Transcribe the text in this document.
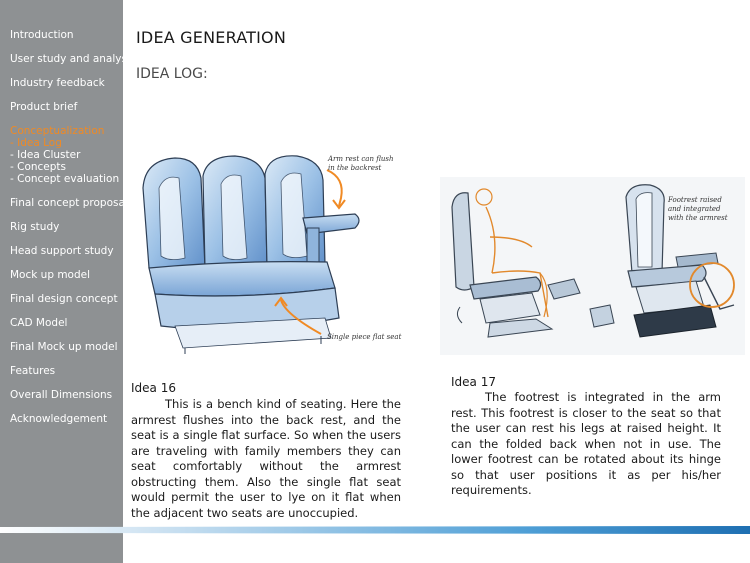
Introduction
User study and analysis
Industry feedback
Product brief
Conceptualization
- Idea Log
- Idea Cluster
- Concepts
- Concept evaluation
Final concept proposal
Rig study
Head support study
Mock up model
Final design concept
CAD Model
Final Mock up model
Features
Overall Dimensions
Acknowledgement
IDEA GENERATION
IDEA LOG:
Arm rest can flush in the backrest
Single piece flat seat
Footrest raised and integrated with the armrest
Idea 16
This is a bench kind of seating. Here the armrest flushes into the back rest, and the seat is a single flat surface. So when the users are traveling with family members they can seat comfortably without the armrest obstructing them. Also the single flat seat would permit the user to lye on it flat when the adjacent two seats are unoccupied.
Idea 17
The footrest is integrated in the arm rest. This footrest is closer to the seat so that the user can rest his legs at raised height. It can the folded back when not in use. The lower footrest can be rotated about its hinge so that user positions it as per his/her requirements.
